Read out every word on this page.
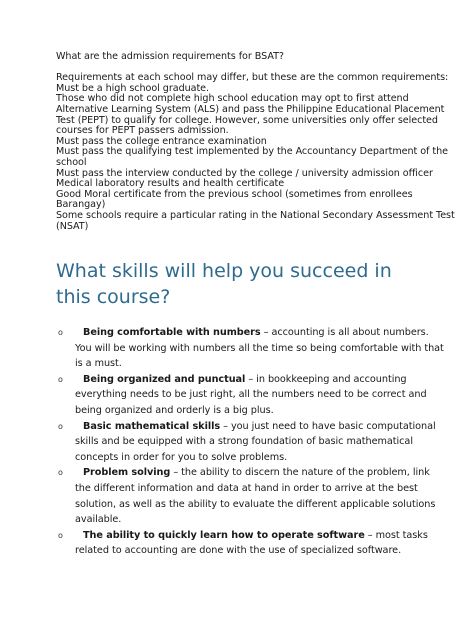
What are the admission requirements for BSAT?

Requirements at each school may differ, but these are the common requirements:

Must be a high school graduate.

Those who did not complete high school education may opt to first attend

Alternative Learning System (ALS) and pass the Philippine Educational Placement

Test (PEPT) to qualify for college. However, some universities only offer selected

courses for PEPT passers admission.

Must pass the college entrance examination

Must pass the qualifying test implemented by the Accountancy Department of the

school

Must pass the interview conducted by the college / university admission officer

Medical laboratory results and health certificate

Good Moral certificate from the previous school (sometimes from enrollees

Barangay)

Some schools require a particular rating in the National Secondary Assessment Test

(NSAT)

What skills will help you succeed in this course?
o	Being comfortable with numbers – accounting is all about numbers.
You will be working with numbers all the time so being comfortable with that
is a must.
o	Being organized and punctual – in bookkeeping and accounting
everything needs to be just right, all the numbers need to be correct and
being organized and orderly is a big plus.
o	Basic mathematical skills – you just need to have basic computational
skills and be equipped with a strong foundation of basic mathematical
concepts in order for you to solve problems.
o	Problem solving – the ability to discern the nature of the problem, link
the different information and data at hand in order to arrive at the best
solution, as well as the ability to evaluate the different applicable solutions
available.
o	The ability to quickly learn how to operate software – most tasks
related to accounting are done with the use of specialized software.
